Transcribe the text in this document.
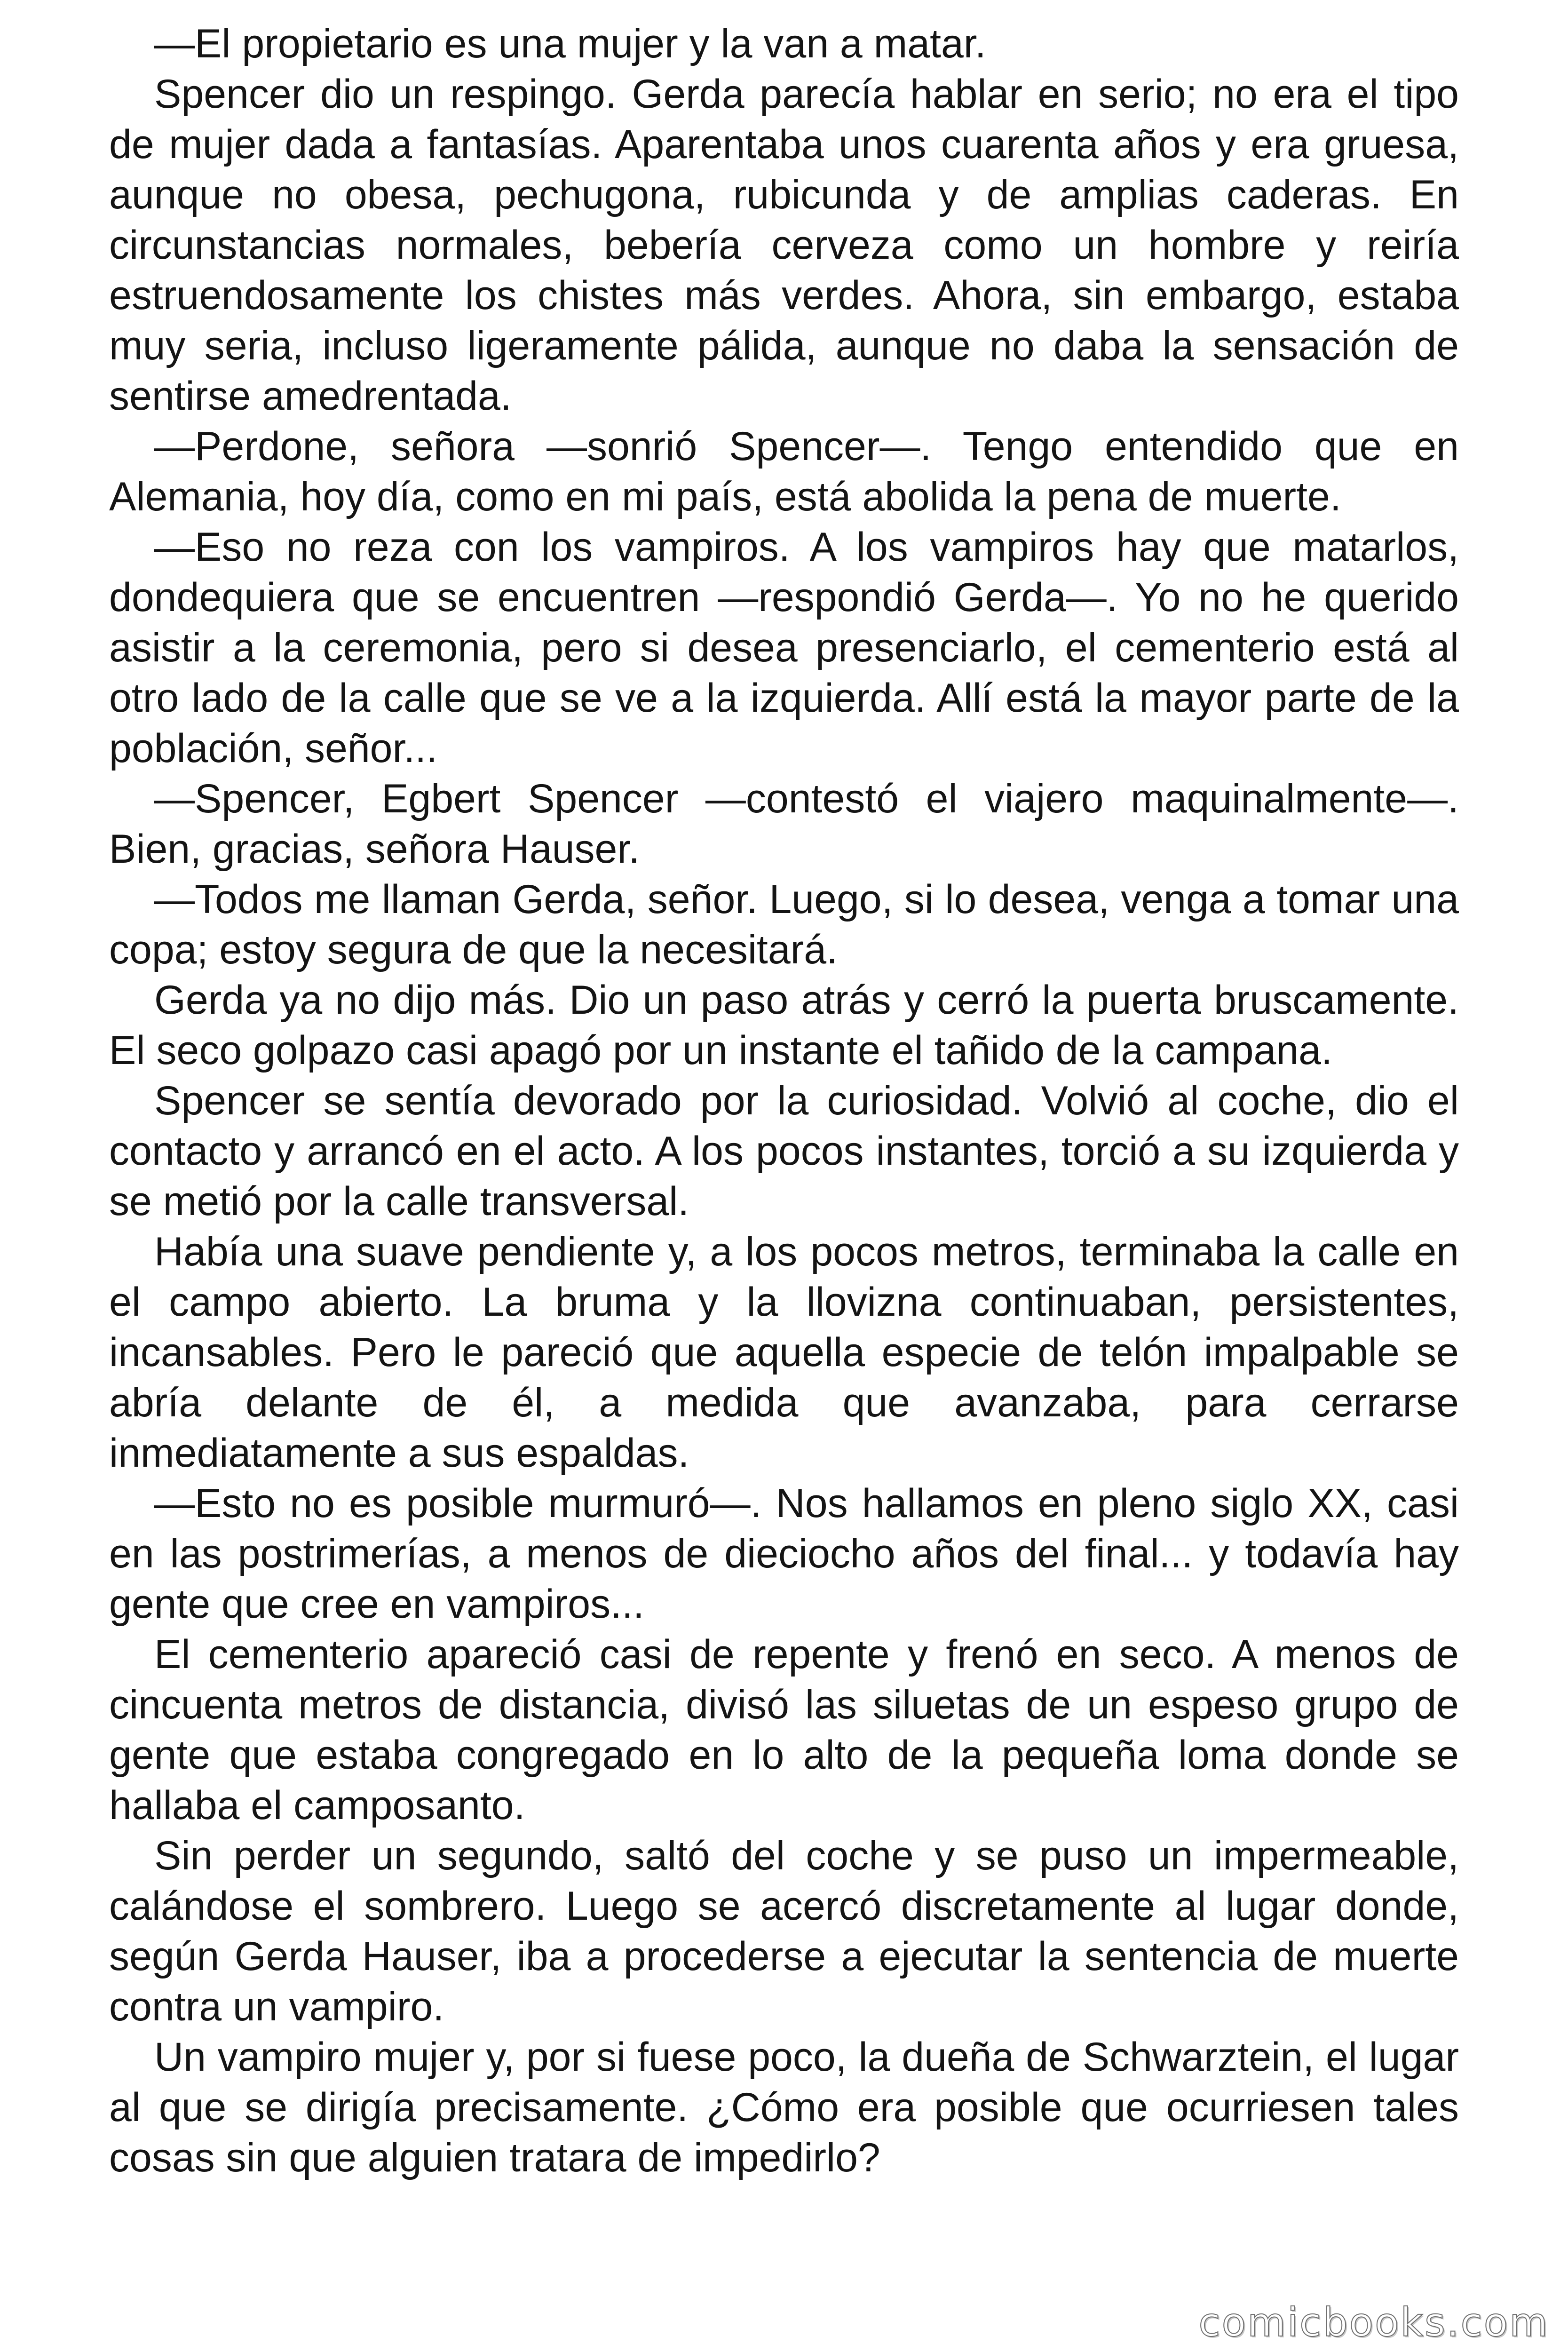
—El propietario es una mujer y la van a matar.

Spencer dio un respingo. Gerda parecía hablar en serio; no era el tipo de mujer dada a fantasías. Aparentaba unos cuarenta años y era gruesa, aunque no obesa, pechugona, rubicunda y de amplias caderas. En circunstancias normales, bebería cerveza como un hombre y reiría estruendosamente los chistes más verdes. Ahora, sin embargo, estaba muy seria, incluso ligeramente pálida, aunque no daba la sensación de sentirse amedrentada.

—Perdone, señora —sonrió Spencer—. Tengo entendido que en Alemania, hoy día, como en mi país, está abolida la pena de muerte.

—Eso no reza con los vampiros. A los vampiros hay que matarlos, dondequiera que se encuentren —respondió Gerda—. Yo no he querido asistir a la ceremonia, pero si desea presenciarlo, el cementerio está al otro lado de la calle que se ve a la izquierda. Allí está la mayor parte de la población, señor...

—Spencer, Egbert Spencer —contestó el viajero maquinalmente—. Bien, gracias, señora Hauser.

—Todos me llaman Gerda, señor. Luego, si lo desea, venga a tomar una copa; estoy segura de que la necesitará.

Gerda ya no dijo más. Dio un paso atrás y cerró la puerta bruscamente. El seco golpazo casi apagó por un instante el tañido de la campana.

Spencer se sentía devorado por la curiosidad. Volvió al coche, dio el contacto y arrancó en el acto. A los pocos instantes, torció a su izquierda y se metió por la calle transversal.

Había una suave pendiente y, a los pocos metros, terminaba la calle en el campo abierto. La bruma y la llovizna continuaban, persistentes, incansables. Pero le pareció que aquella especie de telón impalpable se abría delante de él, a medida que avanzaba, para cerrarse inmediatamente a sus espaldas.

—Esto no es posible murmuró—. Nos hallamos en pleno siglo XX, casi en las postrimerías, a menos de dieciocho años del final... y todavía hay gente que cree en vampiros...

El cementerio apareció casi de repente y frenó en seco. A menos de cincuenta metros de distancia, divisó las siluetas de un espeso grupo de gente que estaba congregado en lo alto de la pequeña loma donde se hallaba el camposanto.

Sin perder un segundo, saltó del coche y se puso un impermeable, calándose el sombrero. Luego se acercó discretamente al lugar donde, según Gerda Hauser, iba a procederse a ejecutar la sentencia de muerte contra un vampiro.

Un vampiro mujer y, por si fuese poco, la dueña de Schwarztein, el lugar al que se dirigía precisamente. ¿Cómo era posible que ocurriesen tales cosas sin que alguien tratara de impedirlo?

comicbooks.com
